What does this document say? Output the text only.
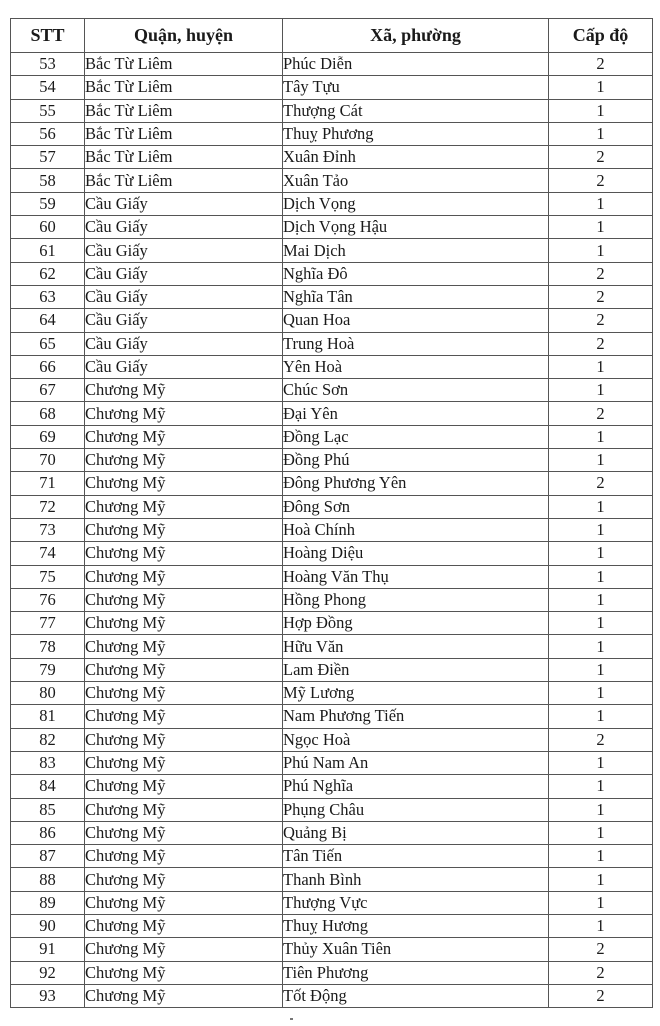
STT	Quận, huyện	Xã, phường	Cấp độ
53	Bắc Từ Liêm	Phúc Diễn	2
54	Bắc Từ Liêm	Tây Tựu	1
55	Bắc Từ Liêm	Thượng Cát	1
56	Bắc Từ Liêm	Thuỵ Phương	1
57	Bắc Từ Liêm	Xuân Đỉnh	2
58	Bắc Từ Liêm	Xuân Tảo	2
59	Cầu Giấy	Dịch Vọng	1
60	Cầu Giấy	Dịch Vọng Hậu	1
61	Cầu Giấy	Mai Dịch	1
62	Cầu Giấy	Nghĩa Đô	2
63	Cầu Giấy	Nghĩa Tân	2
64	Cầu Giấy	Quan Hoa	2
65	Cầu Giấy	Trung Hoà	2
66	Cầu Giấy	Yên Hoà	1
67	Chương Mỹ	Chúc Sơn	1
68	Chương Mỹ	Đại Yên	2
69	Chương Mỹ	Đồng Lạc	1
70	Chương Mỹ	Đồng Phú	1
71	Chương Mỹ	Đông Phương Yên	2
72	Chương Mỹ	Đông Sơn	1
73	Chương Mỹ	Hoà Chính	1
74	Chương Mỹ	Hoàng Diệu	1
75	Chương Mỹ	Hoàng Văn Thụ	1
76	Chương Mỹ	Hồng Phong	1
77	Chương Mỹ	Hợp Đồng	1
78	Chương Mỹ	Hữu Văn	1
79	Chương Mỹ	Lam Điền	1
80	Chương Mỹ	Mỹ Lương	1
81	Chương Mỹ	Nam Phương Tiến	1
82	Chương Mỹ	Ngọc Hoà	2
83	Chương Mỹ	Phú Nam An	1
84	Chương Mỹ	Phú Nghĩa	1
85	Chương Mỹ	Phụng Châu	1
86	Chương Mỹ	Quảng Bị	1
87	Chương Mỹ	Tân Tiến	1
88	Chương Mỹ	Thanh Bình	1
89	Chương Mỹ	Thượng Vực	1
90	Chương Mỹ	Thuỵ Hương	1
91	Chương Mỹ	Thủy Xuân Tiên	2
92	Chương Mỹ	Tiên Phương	2
93	Chương Mỹ	Tốt Động	2
